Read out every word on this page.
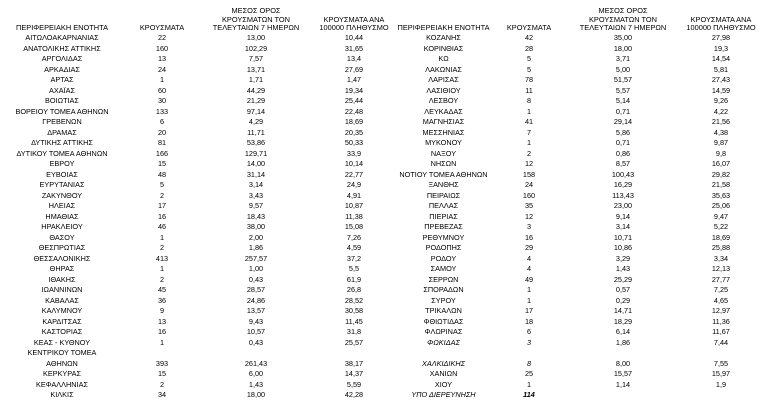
ΠΕΡΙΦΕΡΕΙΑΚΗ ΕΝΟΤΗΤΑ	ΚΡΟΥΣΜΑΤΑ
ΜΕΣΟΣ ΟΡΟΣ
ΚΡΟΥΣΜΑΤΩΝ ΤΟΝ
ΤΕΛΕΥΤΑΙΩΝ 7 ΗΜΕΡΩΝ
ΚΡΟΥΣΜΑΤΑ ΑΝΑ
100000 ΠΛΗΘΥΣΜΟ	ΠΕΡΙΦΕΡΕΙΑΚΗ ΕΝΟΤΗΤΑ	ΚΡΟΥΣΜΑΤΑ
ΜΕΣΟΣ ΟΡΟΣ
ΚΡΟΥΣΜΑΤΩΝ ΤΟΝ
ΤΕΛΕΥΤΑΙΩΝ 7 ΗΜΕΡΩΝ
ΚΡΟΥΣΜΑΤΑ ΑΝΑ
100000 ΠΛΗΘΥΣΜΟ
ΑΙΤΩΛΟΑΚΑΡΝΑΝΙΑΣ	22	13,00	10,44
ΑΝΑΤΟΛΙΚΗΣ ΑΤΤΙΚΗΣ	160	102,29	31,65
ΑΡΓΟΛΙΔΑΣ	13	7,57	13,4
ΑΡΚΑΔΙΑΣ	24	13,71	27,69
ΑΡΤΑΣ	1	1,71	1,47
ΑΧΑΪΑΣ	60	44,29	19,34
ΒΟΙΩΤΙΑΣ	30	21,29	25,44
ΒΟΡΕΙΟΥ ΤΟΜΕΑ ΑΘΗΝΩΝ	133	97,14	22,48
ΓΡΕΒΕΝΩΝ	6	4,29	18,69
ΔΡΑΜΑΣ	20	11,71	20,35
ΔΥΤΙΚΗΣ ΑΤΤΙΚΗΣ	81	53,86	50,33
ΔΥΤΙΚΟΥ ΤΟΜΕΑ ΑΘΗΝΩΝ	166	129,71	33,9
ΕΒΡΟΥ	15	14,00	10,14
ΕΥΒΟΙΑΣ	48	31,14	22,77
ΕΥΡΥΤΑΝΙΑΣ	5	3,14	24,9
ΖΑΚΥΝΘΟΥ	2	3,43	4,91
ΗΛΕΙΑΣ	17	9,57	10,87
ΗΜΑΘΙΑΣ	16	18,43	11,38
ΗΡΑΚΛΕΙΟΥ	46	38,00	15,08
ΘΑΣΟΥ	1	2,00	7,26
ΘΕΣΠΡΩΤΙΑΣ	2	1,86	4,59
ΘΕΣΣΑΛΟΝΙΚΗΣ	413	257,57	37,2
ΘΗΡΑΣ	1	1,00	5,5
ΙΘΑΚΗΣ	2	0,43	61,9
ΙΩΑΝΝΙΝΩΝ	45	28,57	26,8
ΚΑΒΑΛΑΣ	36	24,86	28,52
ΚΑΛΥΜΝΟΥ	9	13,57	30,58
ΚΑΡΔΙΤΣΑΣ	13	9,43	11,45
ΚΑΣΤΟΡΙΑΣ	16	10,57	31,8
ΚΕΑΣ - ΚΥΘΝΟΥ	1	0,43	25,57
ΚΕΝΤΡΙΚΟΥ ΤΟΜΕΑ
ΑΘΗΝΩΝ	393	261,43	38,17
ΚΕΡΚΥΡΑΣ	15	6,00	14,37
ΚΕΦΑΛΛΗΝΙΑΣ	2	1,43	5,59
ΚΙΛΚΙΣ	34	18,00	42,28
ΚΟΖΑΝΗΣ	42	35,00	27,98
ΚΟΡΙΝΘΙΑΣ	28	18,00	19,3
ΚΩ	5	3,71	14,54
ΛΑΚΩΝΙΑΣ	5	5,00	5,81
ΛΑΡΙΣΑΣ	78	51,57	27,43
ΛΑΣΙΘΙΟΥ	11	5,57	14,59
ΛΕΣΒΟΥ	8	5,14	9,26
ΛΕΥΚΑΔΑΣ	1	0,71	4,22
ΜΑΓΝΗΣΙΑΣ	41	29,14	21,56
ΜΕΣΣΗΝΙΑΣ	7	5,86	4,38
ΜΥΚΟΝΟΥ	1	0,71	9,87
ΝΑΞΟΥ	2	0,86	9,8
ΝΗΣΩΝ	12	8,57	16,07
ΝΟΤΙΟΥ ΤΟΜΕΑ ΑΘΗΝΩΝ	158	100,43	29,82
ΞΑΝΘΗΣ	24	16,29	21,58
ΠΕΙΡΑΙΩΣ	160	113,43	35,63
ΠΕΛΛΑΣ	35	23,00	25,06
ΠΙΕΡΙΑΣ	12	9,14	9,47
ΠΡΕΒΕΖΑΣ	3	3,14	5,22
ΡΕΘΥΜΝΟΥ	16	10,71	18,69
ΡΟΔΟΠΗΣ	29	10,86	25,88
ΡΟΔΟΥ	4	3,29	3,34
ΣΑΜΟΥ	4	1,43	12,13
ΣΕΡΡΩΝ	49	25,29	27,77
ΣΠΟΡΑΔΩΝ	1	0,57	7,25
ΣΥΡΟΥ	1	0,29	4,65
ΤΡΙΚΑΛΩΝ	17	14,71	12,97
ΦΘΙΩΤΙΔΑΣ	18	18,29	11,36
ΦΛΩΡΙΝΑΣ	6	6,14	11,67
ΦΩΚΙΔΑΣ	3	1,86	7,44
ΧΑΛΚΙΔΙΚΗΣ	8	8,00	7,55
ΧΑΝΙΩΝ	25	15,57	15,97
ΧΙΟΥ	1	1,14	1,9
ΥΠΟ ΔΙΕΡΕΥΝΗΣΗ	114
